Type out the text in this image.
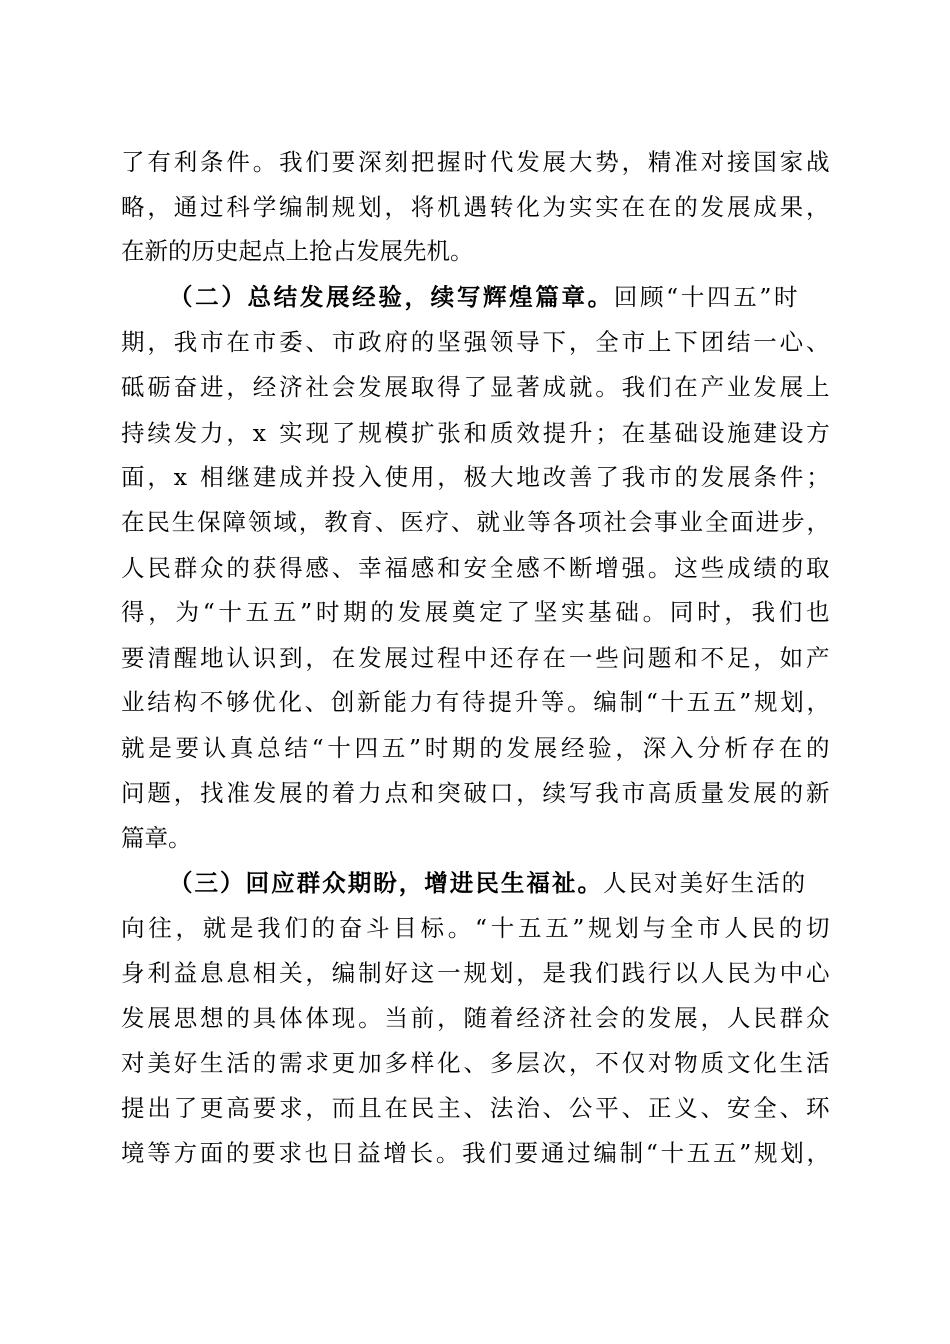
了有利条件。我们要深刻把握时代发展大势，精准对接国家战
略，通过科学编制规划，将机遇转化为实实在在的发展成果，
在新的历史起点上抢占发展先机。
（二）总结发展经验，续写辉煌篇章。回顾“十四五”时
期，我市在市委、市政府的坚强领导下，全市上下团结一心、
砥砺奋进，经济社会发展取得了显著成就。我们在产业发展上
持续发力，x 实现了规模扩张和质效提升；在基础设施建设方
面，x 相继建成并投入使用，极大地改善了我市的发展条件；
在民生保障领域，教育、医疗、就业等各项社会事业全面进步，
人民群众的获得感、幸福感和安全感不断增强。这些成绩的取
得，为“十五五”时期的发展奠定了坚实基础。同时，我们也
要清醒地认识到，在发展过程中还存在一些问题和不足，如产
业结构不够优化、创新能力有待提升等。编制“十五五”规划，
就是要认真总结“十四五”时期的发展经验，深入分析存在的
问题，找准发展的着力点和突破口，续写我市高质量发展的新
篇章。
（三）回应群众期盼，增进民生福祉。人民对美好生活的
向往，就是我们的奋斗目标。“十五五”规划与全市人民的切
身利益息息相关，编制好这一规划，是我们践行以人民为中心
发展思想的具体体现。当前，随着经济社会的发展，人民群众
对美好生活的需求更加多样化、多层次，不仅对物质文化生活
提出了更高要求，而且在民主、法治、公平、正义、安全、环
境等方面的要求也日益增长。我们要通过编制“十五五”规划，
